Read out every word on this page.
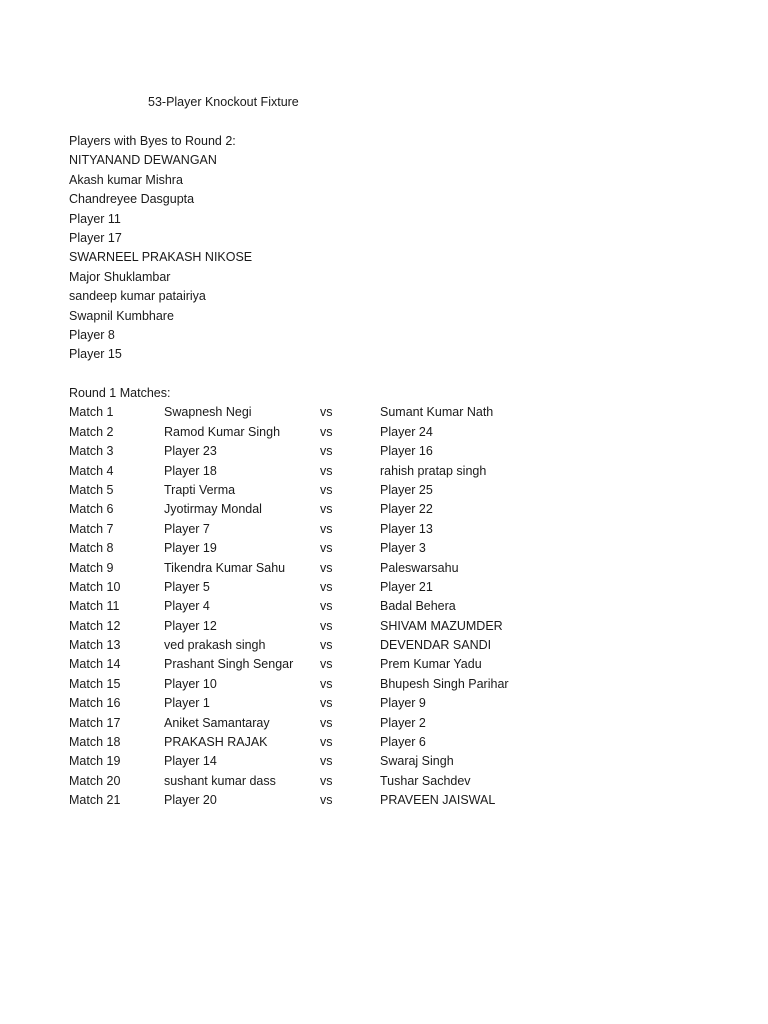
53-Player Knockout Fixture
Players with Byes to Round 2:
NITYANAND DEWANGAN
Akash kumar Mishra
Chandreyee Dasgupta
Player 11
Player 17
SWARNEEL PRAKASH NIKOSE
Major Shuklambar
sandeep kumar patairiya
Swapnil Kumbhare
Player 8
Player 15
Round 1 Matches:
Match 1	Swapnesh Negi	vs	Sumant Kumar Nath
Match 2	Ramod Kumar Singh	vs	Player 24
Match 3	Player 23	vs	Player 16
Match 4	Player 18	vs	rahish pratap singh
Match 5	Trapti Verma	vs	Player 25
Match 6	Jyotirmay Mondal	vs	Player 22
Match 7	Player 7	vs	Player 13
Match 8	Player 19	vs	Player 3
Match 9	Tikendra Kumar Sahu	vs	Paleswarsahu
Match 10	Player 5	vs	Player 21
Match 11	Player 4	vs	Badal Behera
Match 12	Player 12	vs	SHIVAM MAZUMDER
Match 13	ved prakash singh	vs	DEVENDAR SANDI
Match 14	Prashant Singh Sengar vs	Prem Kumar Yadu
Match 15	Player 10	vs	Bhupesh Singh Parihar
Match 16	Player 1	vs	Player 9
Match 17	Aniket Samantaray	vs	Player 2
Match 18	PRAKASH RAJAK	vs	Player 6
Match 19	Player 14	vs	Swaraj Singh
Match 20	sushant kumar dass	vs	Tushar Sachdev
Match 21	Player 20	vs	PRAVEEN JAISWAL
